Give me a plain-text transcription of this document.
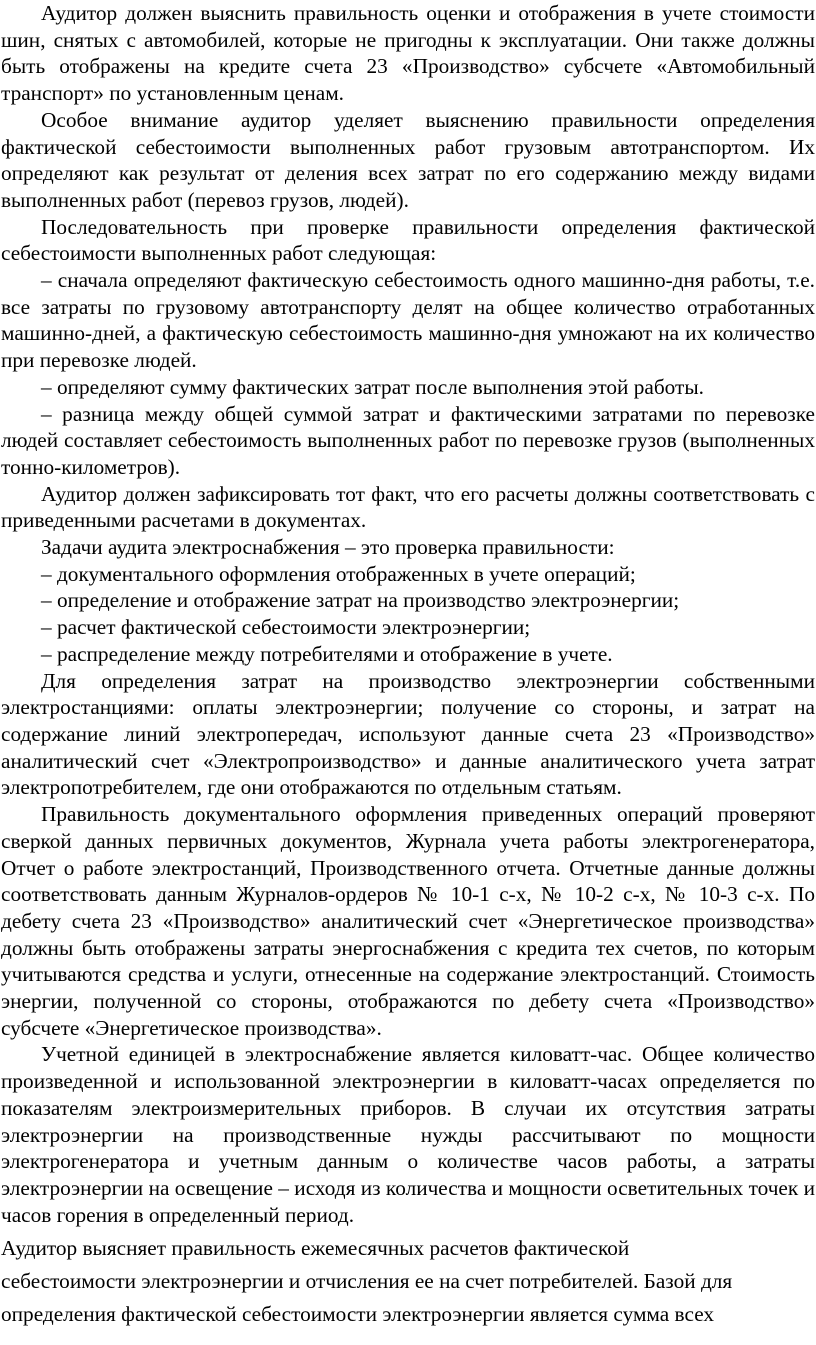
Аудитор должен выяснить правильность оценки и отображения в учете стоимости шин, снятых с автомобилей, которые не пригодны к эксплуатации. Они также должны быть отображены на кредите счета 23 «Производство» субсчете «Автомобильный транспорт» по установленным ценам.

Особое внимание аудитор уделяет выяснению правильности определения фактической себестоимости выполненных работ грузовым автотранспортом. Их определяют как результат от деления всех затрат по его содержанию между видами выполненных работ (перевоз грузов, людей).

Последовательность при проверке правильности определения фактической себестоимости выполненных работ следующая:

– сначала определяют фактическую себестоимость одного машинно-дня работы, т.е. все затраты по грузовому автотранспорту делят на общее количество отработанных машинно-дней, а фактическую себестоимость машинно-дня умножают на их количество при перевозке людей.

– определяют сумму фактических затрат после выполнения этой работы.

– разница между общей суммой затрат и фактическими затратами по перевозке людей составляет себестоимость выполненных работ по перевозке грузов (выполненных тонно-километров).

Аудитор должен зафиксировать тот факт, что его расчеты должны соответствовать с приведенными расчетами в документах.

Задачи аудита электроснабжения – это проверка правильности:

– документального оформления отображенных в учете операций;

– определение и отображение затрат на производство электроэнергии;

– расчет фактической себестоимости электроэнергии;

– распределение между потребителями и отображение в учете.

Для определения затрат на производство электроэнергии собственными электростанциями: оплаты электроэнергии; получение со стороны, и затрат на содержание линий электропередач, используют данные счета 23 «Производство» аналитический счет «Электропроизводство» и данные аналитического учета затрат электропотребителем, где они отображаются по отдельным статьям.

Правильность документального оформления приведенных операций проверяют сверкой данных первичных документов, Журнала учета работы электрогенератора, Отчет о работе электростанций, Производственного отчета. Отчетные данные должны соответствовать данным Журналов-ордеров № 10-1 с-х, № 10-2 с-х, № 10-3 с-х. По дебету счета 23 «Производство» аналитический счет «Энергетическое производства» должны быть отображены затраты энергоснабжения с кредита тех счетов, по которым учитываются средства и услуги, отнесенные на содержание электростанций. Стоимость энергии, полученной со стороны, отображаются по дебету счета «Производство» субсчете «Энергетическое производства».

Учетной единицей в электроснабжение является киловатт-час. Общее количество произведенной и использованной электроэнергии в киловатт-часах определяется по показателям электроизмерительных приборов. В случаи их отсутствия затраты электроэнергии на производственные нужды рассчитывают по мощности электрогенератора и учетным данным о количестве часов работы, а затраты электроэнергии на освещение – исходя из количества и мощности осветительных точек и часов горения в определенный период.

Аудитор выясняет правильность ежемесячных расчетов фактической
себестоимости электроэнергии и отчисления ее на счет потребителей. Базой для
определения фактической себестоимости электроэнергии является сумма всех
